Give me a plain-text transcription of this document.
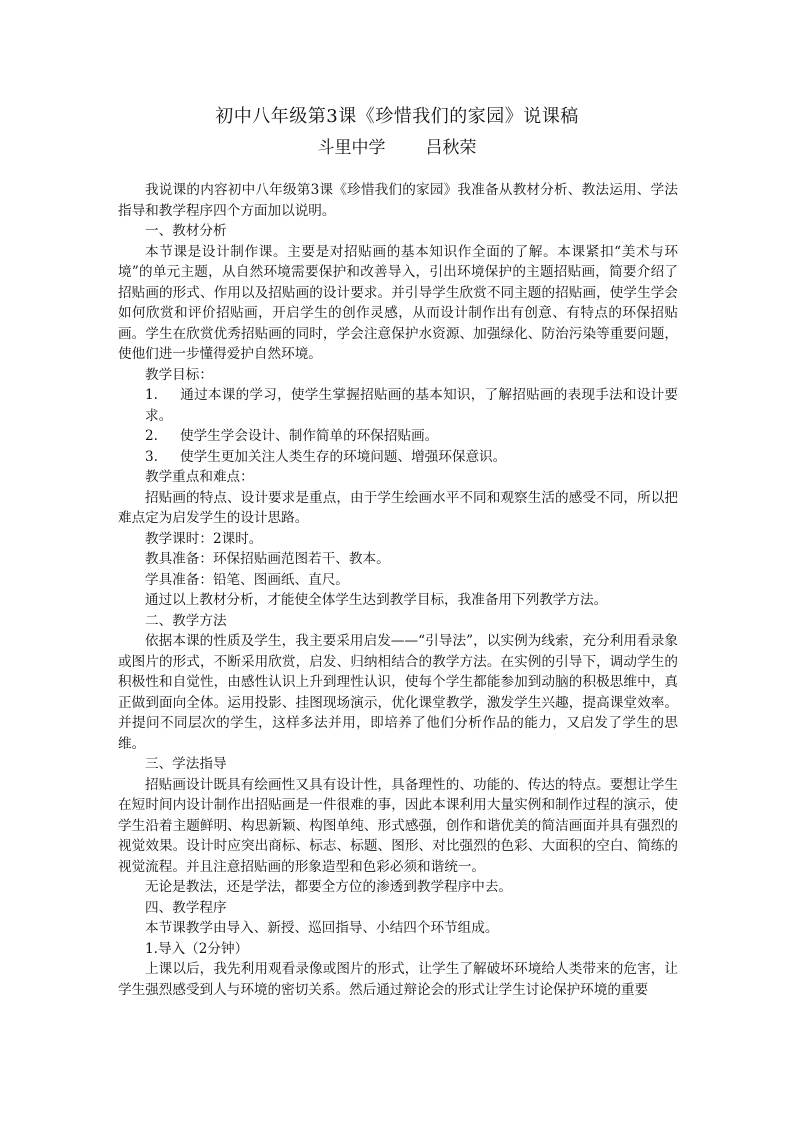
初中八年级第3课《珍惜我们的家园》说课稿
斗里中学 吕秋荣

我说课的内容初中八年级第3课《珍惜我们的家园》我准备从教材分析、教法运用、学法指导和教学程序四个方面加以说明。

一、教材分析

本节课是设计制作课。主要是对招贴画的基本知识作全面的了解。本课紧扣“美术与环境”的单元主题，从自然环境需要保护和改善导入，引出环境保护的主题招贴画，简要介绍了招贴画的形式、作用以及招贴画的设计要求。并引导学生欣赏不同主题的招贴画，使学生学会如何欣赏和评价招贴画，开启学生的创作灵感，从而设计制作出有创意、有特点的环保招贴画。学生在欣赏优秀招贴画的同时，学会注意保护水资源、加强绿化、防治污染等重要问题，使他们进一步懂得爱护自然环境。

教学目标：

1. 通过本课的学习，使学生掌握招贴画的基本知识，了解招贴画的表现手法和设计要求。

2. 使学生学会设计、制作简单的环保招贴画。

3. 使学生更加关注人类生存的环境问题、增强环保意识。

教学重点和难点：

招贴画的特点、设计要求是重点，由于学生绘画水平不同和观察生活的感受不同，所以把难点定为启发学生的设计思路。

教学课时：2课时。

教具准备：环保招贴画范图若干、教本。

学具准备：铅笔、图画纸、直尺。

通过以上教材分析，才能使全体学生达到教学目标，我准备用下列教学方法。

二、教学方法

依据本课的性质及学生，我主要采用启发——“引导法”，以实例为线索，充分利用看录象或图片的形式，不断采用欣赏，启发、归纳相结合的教学方法。在实例的引导下，调动学生的积极性和自觉性，由感性认识上升到理性认识，使每个学生都能参加到动脑的积极思维中，真正做到面向全体。运用投影、挂图现场演示，优化课堂教学，激发学生兴趣，提高课堂效率。并提问不同层次的学生，这样多法并用，即培养了他们分析作品的能力，又启发了学生的思维。

三、学法指导

招贴画设计既具有绘画性又具有设计性，具备理性的、功能的、传达的特点。要想让学生在短时间内设计制作出招贴画是一件很难的事，因此本课利用大量实例和制作过程的演示，使学生沿着主题鲜明、构思新颖、构图单纯、形式感强，创作和谐优美的简洁画面并具有强烈的视觉效果。设计时应突出商标、标志、标题、图形、对比强烈的色彩、大面积的空白、简练的视觉流程。并且注意招贴画的形象造型和色彩必须和谐统一。

无论是教法，还是学法，都要全方位的渗透到教学程序中去。

四、教学程序

本节课教学由导入、新授、巡回指导、小结四个环节组成。

1.导入（2分钟）

上课以后，我先利用观看录像或图片的形式，让学生了解破坏环境给人类带来的危害，让学生强烈感受到人与环境的密切关系。然后通过辩论会的形式让学生讨论保护环境的重要
